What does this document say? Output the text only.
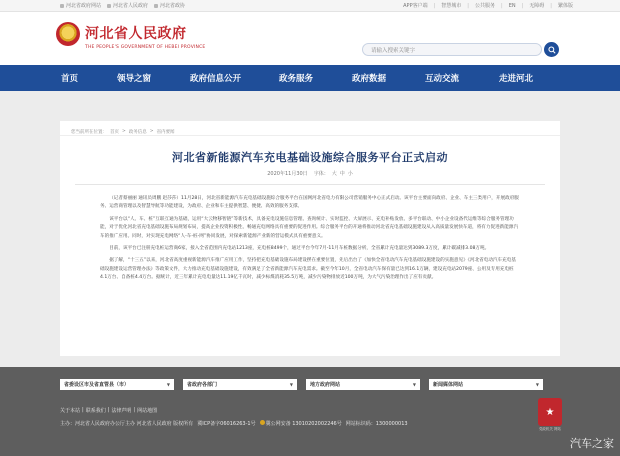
河北省政府网站 河北省人民政府 河北省政协	APP客户端 | 智慧城市 | 公共服务 | EN | 无障碍 | 繁体版
河北省人民政府
THE PEOPLE'S GOVERNMENT OF HEBEI PROVINCE	请输入搜索关键字
首页	领导之窗	政府信息公开	政务服务	政府数据	互动交流	走进河北
您当前所在位置： 首页 > 政务信息 > 省内要闻
河北省新能源汽车充电基础设施综合服务平台正式启动
2020年11月30日 字体： 大 中 小

（记者蔡丽丽 通讯员周鹏 赵莎莎）11月28日，河北省新能源汽车充电基础设施综合服务平台在国网河北省电力有限公司营销服务中心正式启动。该平台主要面向政府、企业、车主三类用户，开展政府服务、运营商管理以及智慧导航等功能建设，为政府、企业和车主提供智慧、便捷、高效的服务支撑。

该平台以“人、车、桩”互联互通为基础，运用“大云物移智链”等新技术，具备充电设施信息管理、查询统计、实时监控、大屏展示、充电补贴发放、多平台联动、中小企业设备代运维等综合服务管理功能，对于优化河北省充电基础设施布局规划布局，提高企业投资积极性、畅通充电网络具有重要的促进作用。综合服务平台的开通将推动河北省充电基础设施建设从入高质量发展快车道，将有力促进新能源汽车的推广应用。同时，对实现充电网络“人-车-桩-网”协同发展，对探索新能源产业新的营运模式具有重要意义。

目前，该平台已注册充电桩运营商6家，接入全省范围内充电站1213座，充电桩8499个，通过平台今年7月-11月车桩数据分析，全省累计充电量达到3089.3万度，累计碳减排3.08万吨。

据了解，“十三五”以来，河北省高度重视新能源汽车推广应用工作，坚持把充电基础设施布局建设摆在重要位置，先后出台了《加快全省电动汽车充电基础设施建设的实施意见》《河北省电动汽车充电基础设施建设运营管理办法》等政策文件，大力推动充电基础设施建设，有效满足了全省新能源汽车充电需求。截至今年10月，全省电动汽车保有量已达到16.1万辆，建设充电站2079座、公用及专用充电桩4.1万台、自备桩4.4万台。据统计，近三年累计充电电量达11.19亿千瓦时，减少标煤消耗35.5万吨，减少污染物排放近100万吨，为大气污染治理作出了应有贡献。

省委设区市及省直管县（市）	▼	省政府各部门	▼	地方政府网站	▼	新闻媒体网站	▼
关于本站 | 联系我们 | 法律声明 | 网站地图
主办：河北省人民政府办公厅主办 河北省人民政府 版权所有 冀ICP备字06016263-1号	冀公网安备 13010202002246号 网站标识码：1300000013
★
党政机关 网站
汽车之家
